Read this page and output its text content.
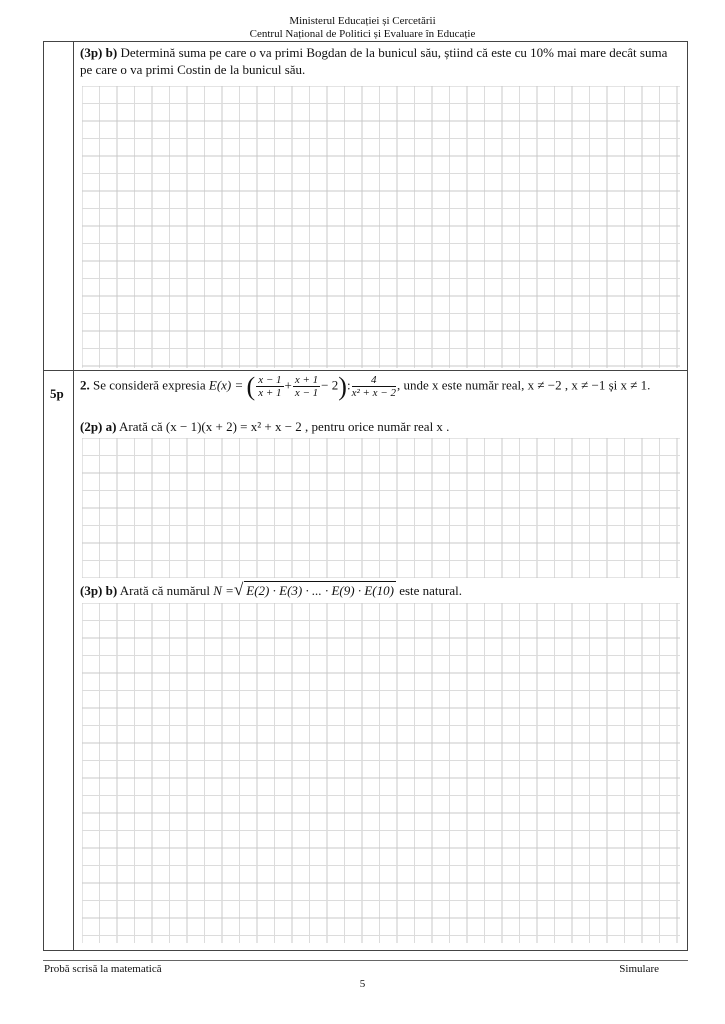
Ministerul Educației și Cercetării
Centrul Național de Politici și Evaluare în Educație
(3p) b) Determină suma pe care o va primi Bogdan de la bunicul său, știind că este cu 10% mai mare decât suma
pe care o va primi Costin de la bunicul său.
5p
2. Se consideră expresia E(x) = ( $\frac{x - 1}{x + 1} + \frac{x + 1}{x - 1} - 2$): $\frac{4}{\text{x² + x − 2}}$ , unde x este număr real, x ≠ −2 , x ≠ −1 și x ≠ 1.
(2p) a) Arată că (x − 1)(x + 2) = x² + x − 2 , pentru orice număr real x .
(3p) b) Arată că numărul N =√ E(2) · E(3) · ... · E(9) · E(10) este natural.
Probă scrisă la matematică	Simulare
5
